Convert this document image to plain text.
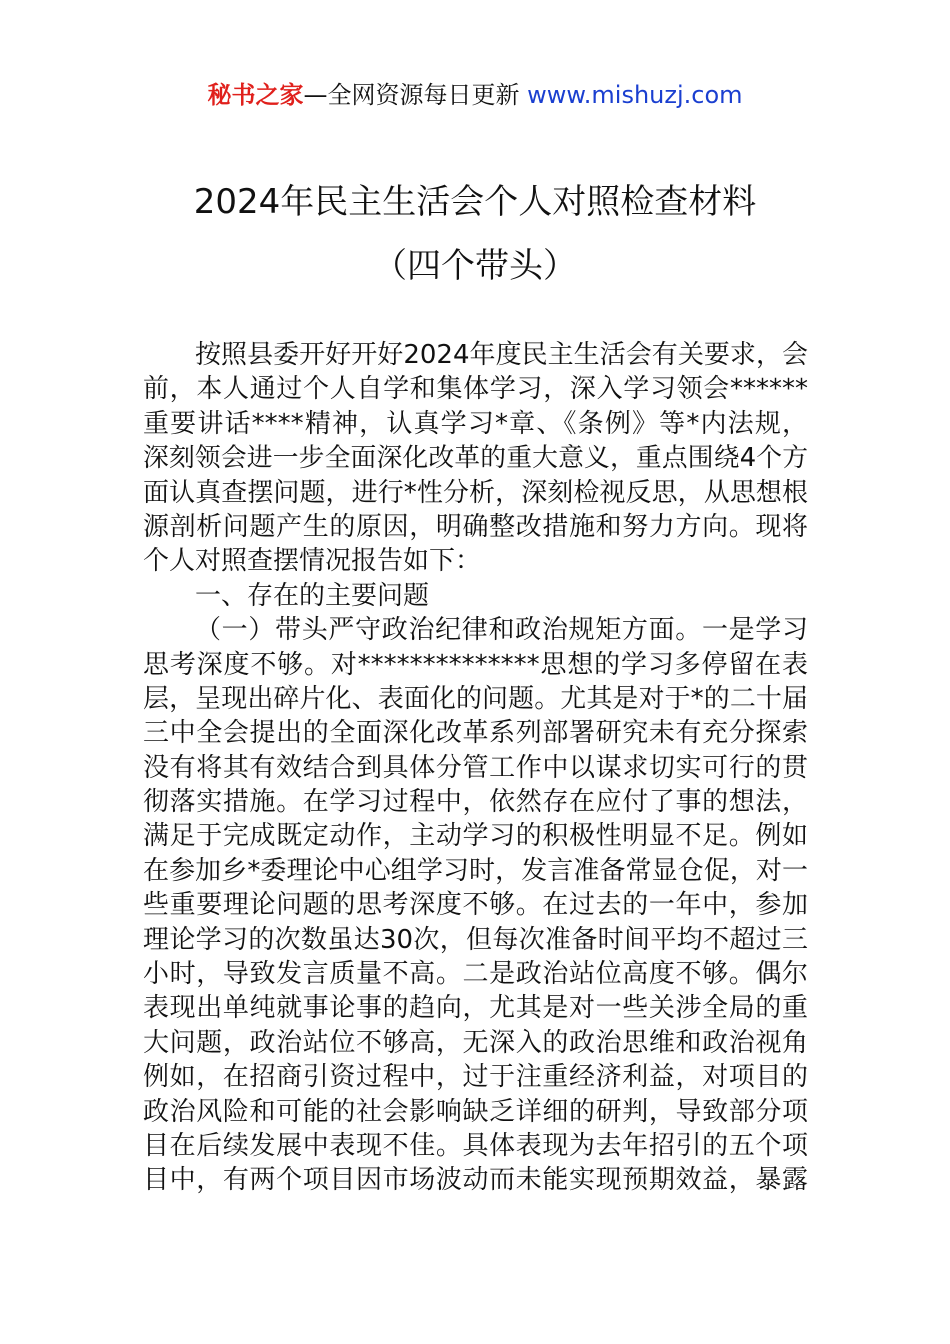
秘书之家—全网资源每日更新 www.mishuzj.com
2024年民主生活会个人对照检查材料
（四个带头）
按照县委开好开好2024年度民主生活会有关要求，会
前，本人通过个人自学和集体学习，深入学习领会******
重要讲话****精神，认真学习*章、《条例》等*内法规，
深刻领会进一步全面深化改革的重大意义，重点围绕4个方
面认真查摆问题，进行*性分析，深刻检视反思，从思想根
源剖析问题产生的原因，明确整改措施和努力方向。现将
个人对照查摆情况报告如下：
一、存在的主要问题
（一）带头严守政治纪律和政治规矩方面。一是学习
思考深度不够。对**************思想的学习多停留在表
层，呈现出碎片化、表面化的问题。尤其是对于*的二十届
三中全会提出的全面深化改革系列部署研究未有充分探索
没有将其有效结合到具体分管工作中以谋求切实可行的贯
彻落实措施。在学习过程中，依然存在应付了事的想法，
满足于完成既定动作，主动学习的积极性明显不足。例如
在参加乡*委理论中心组学习时，发言准备常显仓促，对一
些重要理论问题的思考深度不够。在过去的一年中，参加
理论学习的次数虽达30次，但每次准备时间平均不超过三
小时，导致发言质量不高。二是政治站位高度不够。偶尔
表现出单纯就事论事的趋向，尤其是对一些关涉全局的重
大问题，政治站位不够高，无深入的政治思维和政治视角
例如，在招商引资过程中，过于注重经济利益，对项目的
政治风险和可能的社会影响缺乏详细的研判，导致部分项
目在后续发展中表现不佳。具体表现为去年招引的五个项
目中，有两个项目因市场波动而未能实现预期效益，暴露
